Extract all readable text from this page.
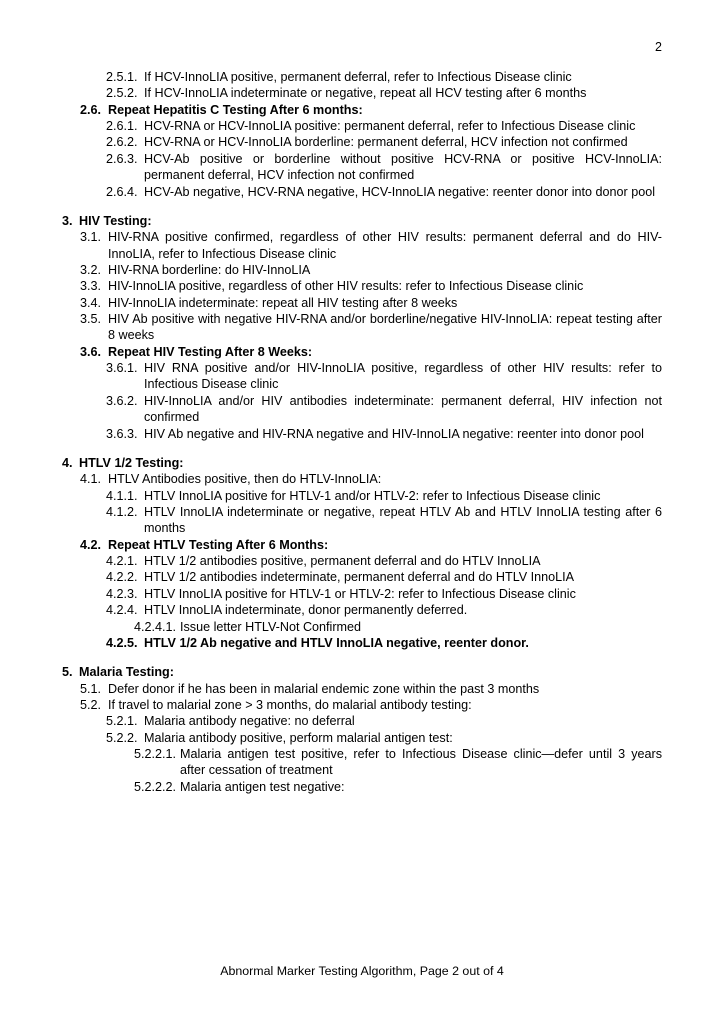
2
2.5.1. If HCV-InnoLIA positive, permanent deferral, refer to Infectious Disease clinic
2.5.2. If HCV-InnoLIA indeterminate or negative, repeat all HCV testing after 6 months
2.6. Repeat Hepatitis C Testing After 6 months:
2.6.1. HCV-RNA or HCV-InnoLIA positive: permanent deferral, refer to Infectious Disease clinic
2.6.2. HCV-RNA or HCV-InnoLIA borderline: permanent deferral, HCV infection not confirmed
2.6.3. HCV-Ab positive or borderline without positive HCV-RNA or positive HCV-InnoLIA: permanent deferral, HCV infection not confirmed
2.6.4. HCV-Ab negative, HCV-RNA negative, HCV-InnoLIA negative: reenter donor into donor pool
3. HIV Testing:
3.1. HIV-RNA positive confirmed, regardless of other HIV results: permanent deferral and do HIV-InnoLIA, refer to Infectious Disease clinic
3.2. HIV-RNA borderline: do HIV-InnoLIA
3.3. HIV-InnoLIA positive, regardless of other HIV results: refer to Infectious Disease clinic
3.4. HIV-InnoLIA indeterminate: repeat all HIV testing after 8 weeks
3.5. HIV Ab positive with negative HIV-RNA and/or borderline/negative HIV-InnoLIA: repeat testing after 8 weeks
3.6. Repeat HIV Testing After 8 Weeks:
3.6.1. HIV RNA positive and/or HIV-InnoLIA positive, regardless of other HIV results: refer to Infectious Disease clinic
3.6.2. HIV-InnoLIA and/or HIV antibodies indeterminate: permanent deferral, HIV infection not confirmed
3.6.3. HIV Ab negative and HIV-RNA negative and HIV-InnoLIA negative: reenter into donor pool
4. HTLV 1/2 Testing:
4.1. HTLV Antibodies positive, then do HTLV-InnoLIA:
4.1.1. HTLV InnoLIA positive for HTLV-1 and/or HTLV-2: refer to Infectious Disease clinic
4.1.2. HTLV InnoLIA indeterminate or negative, repeat HTLV Ab and HTLV InnoLIA testing after 6 months
4.2. Repeat HTLV Testing After 6 Months:
4.2.1. HTLV 1/2 antibodies positive, permanent deferral and do HTLV InnoLIA
4.2.2. HTLV 1/2 antibodies indeterminate, permanent deferral and do HTLV InnoLIA
4.2.3. HTLV InnoLIA positive for HTLV-1 or HTLV-2: refer to Infectious Disease clinic
4.2.4. HTLV InnoLIA indeterminate, donor permanently deferred.
4.2.4.1. Issue letter HTLV-Not Confirmed
4.2.5. HTLV 1/2 Ab negative and HTLV InnoLIA negative, reenter donor.
5. Malaria Testing:
5.1. Defer donor if he has been in malarial endemic zone within the past 3 months
5.2. If travel to malarial zone > 3 months, do malarial antibody testing:
5.2.1. Malaria antibody negative: no deferral
5.2.2. Malaria antibody positive, perform malarial antigen test:
5.2.2.1. Malaria antigen test positive, refer to Infectious Disease clinic—defer until 3 years after cessation of treatment
5.2.2.2. Malaria antigen test negative:
Abnormal Marker Testing Algorithm, Page 2 out of 4
